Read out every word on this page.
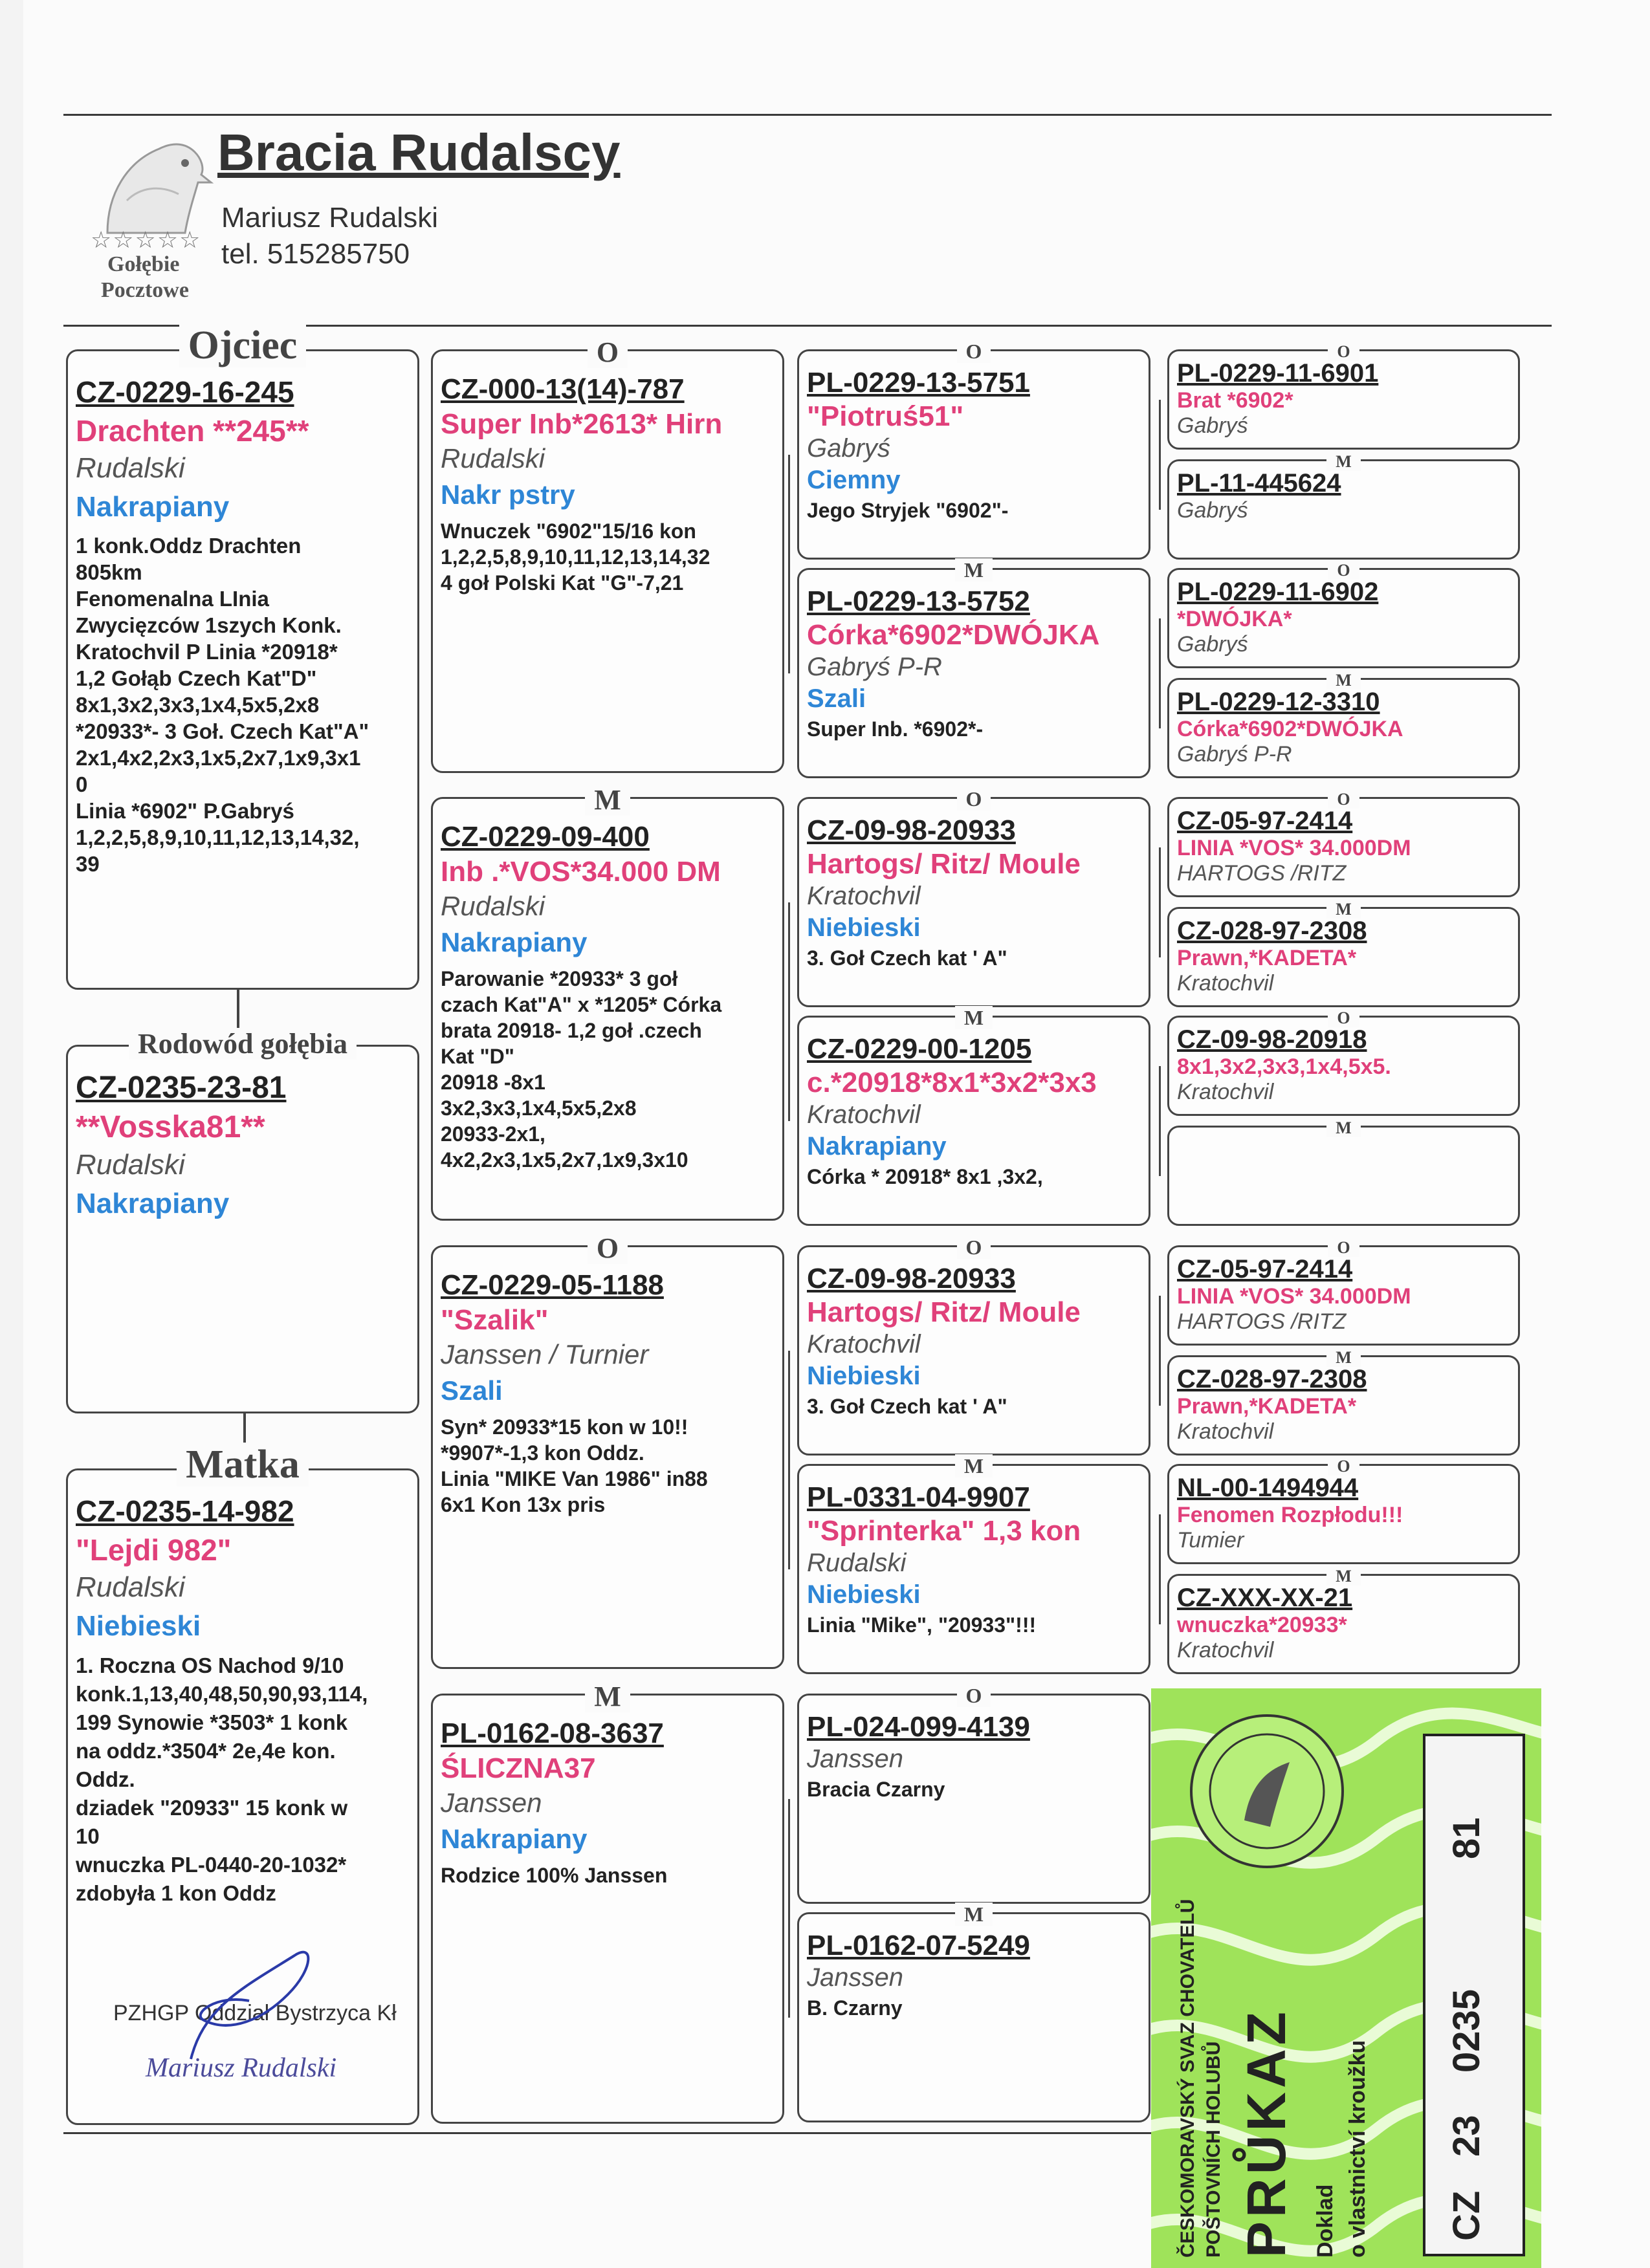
☆☆☆☆☆
Gołębie
Pocztowe
Bracia Rudalscy
Mariusz Rudalski
tel. 515285750
Ojciec
CZ-0229-16-245
Drachten **245**
Rudalski
Nakrapiany
1 konk.Oddz Drachten
805km
Fenomenalna LInia
Zwycięzców 1szych Konk.
Kratochvil P Linia *20918*
1,2 Gołąb Czech Kat"D"
8x1,3x2,3x3,1x4,5x5,2x8
*20933*- 3 Goł. Czech Kat"A"
2x1,4x2,2x3,1x5,2x7,1x9,3x1
0
Linia *6902" P.Gabryś
1,2,2,5,8,9,10,11,12,13,14,32,
39
Rodowód gołębia
CZ-0235-23-81
**Vosska81**
Rudalski
Nakrapiany
Matka
CZ-0235-14-982
"Lejdi 982"
Rudalski
Niebieski
1. Roczna OS Nachod 9/10
konk.1,13,40,48,50,90,93,114,
199 Synowie *3503* 1 konk
na oddz.*3504* 2e,4e kon.
Oddz.
dziadek "20933" 15 konk w
10
wnuczka PL-0440-20-1032*
zdobyła 1 kon Oddz
PZHGP Oddział Bystrzyca Kł
Mariusz Rudalski
O
CZ-000-13(14)-787
Super Inb*2613* Hirn
Rudalski
Nakr pstry
Wnuczek "6902"15/16 kon
1,2,2,5,8,9,10,11,12,13,14,32
4 goł Polski Kat "G"-7,21
M
CZ-0229-09-400
Inb .*VOS*34.000 DM
Rudalski
Nakrapiany
Parowanie *20933* 3 goł
czach Kat"A" x *1205* Córka
brata 20918- 1,2 goł .czech
Kat "D"
20918 -8x1
3x2,3x3,1x4,5x5,2x8
20933-2x1,
4x2,2x3,1x5,2x7,1x9,3x10
O
CZ-0229-05-1188
"Szalik"
Janssen / Turnier
Szali
Syn* 20933*15 kon w 10!!
*9907*-1,3 kon Oddz.
Linia "MIKE Van 1986" in88
6x1 Kon 13x pris
M
PL-0162-08-3637
ŚLICZNA37
Janssen
Nakrapiany
Rodzice 100% Janssen
O
PL-0229-13-5751
"Piotruś51"
Gabryś
Ciemny
Jego Stryjek "6902"-
M
PL-0229-13-5752
Córka*6902*DWÓJKA
Gabryś P-R
Szali
Super Inb. *6902*-
O
CZ-09-98-20933
Hartogs/ Ritz/ Moule
Kratochvil
Niebieski
3. Goł Czech kat ' A"
M
CZ-0229-00-1205
c.*20918*8x1*3x2*3x3
Kratochvil
Nakrapiany
Córka * 20918* 8x1 ,3x2,
O
CZ-09-98-20933
Hartogs/ Ritz/ Moule
Kratochvil
Niebieski
3. Goł Czech kat ' A"
M
PL-0331-04-9907
"Sprinterka" 1,3 kon
Rudalski
Niebieski
Linia "Mike", "20933"!!!
O
PL-024-099-4139
Janssen
Bracia Czarny
M
PL-0162-07-5249
Janssen
B. Czarny
O
PL-0229-11-6901
Brat *6902*
Gabryś
M
PL-11-445624
Gabryś
O
PL-0229-11-6902
*DWÓJKA*
Gabryś
M
PL-0229-12-3310
Córka*6902*DWÓJKA
Gabryś P-R
O
CZ-05-97-2414
LINIA *VOS* 34.000DM
HARTOGS /RITZ
M
CZ-028-97-2308
Prawn,*KADETA*
Kratochvil
O
CZ-09-98-20918
8x1,3x2,3x3,1x4,5x5.
Kratochvil
M
O
CZ-05-97-2414
LINIA *VOS* 34.000DM
HARTOGS /RITZ
M
CZ-028-97-2308
Prawn,*KADETA*
Kratochvil
O
NL-00-1494944
Fenomen Rozpłodu!!!
Tumier
M
CZ-XXX-XX-21
wnuczka*20933*
Kratochvil
ČESKOMORAVSKÝ SVAZ CHOVATELŮ POŠTOVNÍCH HOLUBŮ PRŮKAZ Doklad o vlastnictví kroužku CZ
23
0235
81
